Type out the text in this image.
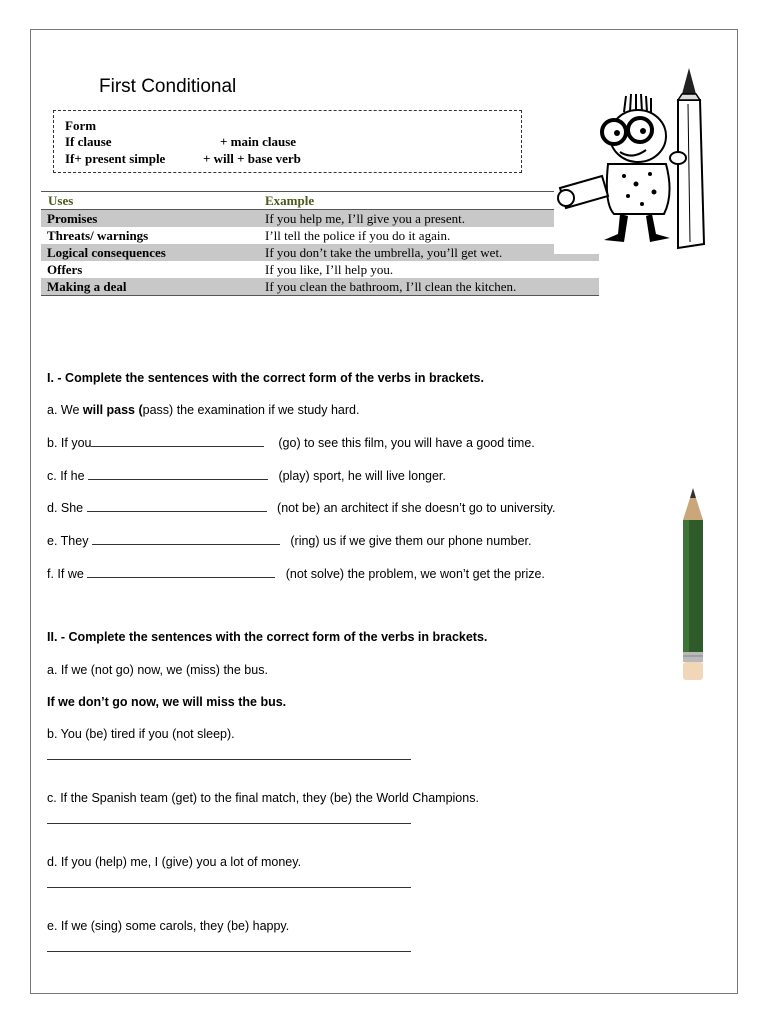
First Conditional
Form
If clause	+ main clause
If+ present simple	+ will + base verb
Uses	Example
Promises	If you help me, I’ll give you a present.
Threats/ warnings	I’ll tell the police if you do it again.
Logical consequences	If you don’t take the umbrella, you’ll get wet.
Offers	If you like, I’ll help you.
Making a deal	If you clean the bathroom, I’ll clean the kitchen.
I. - Complete the sentences with the correct form of the verbs in brackets.
a. We will pass (pass) the examination if we study hard.
b. If you	(go) to see this film, you will have a good time.
c. If he	(play) sport, he will live longer.
d. She	(not be) an architect if she doesn’t go to university.
e. They	(ring) us if we give them our phone number.
f. If we	(not solve) the problem, we won’t get the prize.
II. - Complete the sentences with the correct form of the verbs in brackets.
a. If we (not go) now, we (miss) the bus.
If we don’t go now, we will miss the bus.
b. You (be) tired if you (not sleep).
c. If the Spanish team (get) to the final match, they (be) the World Champions.
d. If you (help) me, I (give) you a lot of money.
e. If we (sing) some carols, they (be) happy.
